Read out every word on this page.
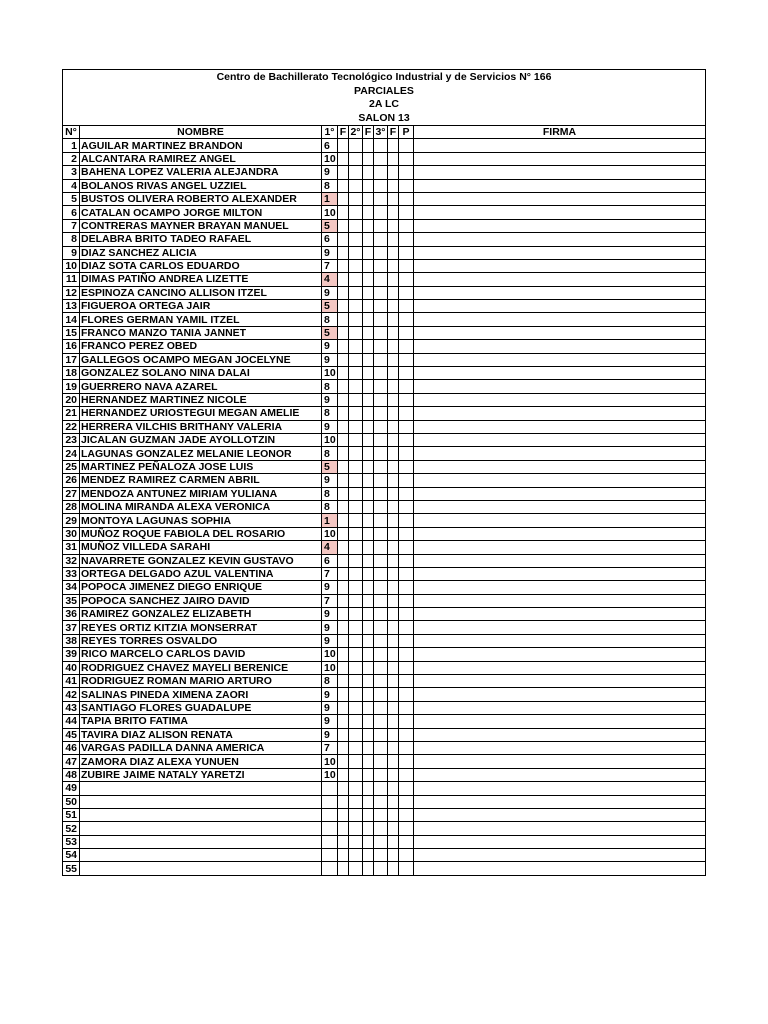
Centro de Bachillerato Tecnológico Industrial y de Servicios N° 166
PARCIALES
2A LC
SALON 13
N°	NOMBRE	1°	F	2°	F	3°	F	P	FIRMA
1	AGUILAR MARTINEZ BRANDON	6							
2	ALCANTARA RAMIREZ ANGEL	10							
3	BAHENA LOPEZ VALERIA ALEJANDRA	9							
4	BOLANOS RIVAS ANGEL UZZIEL	8							
5	BUSTOS OLIVERA ROBERTO ALEXANDER	1							
6	CATALAN OCAMPO JORGE MILTON	10							
7	CONTRERAS MAYNER BRAYAN MANUEL	5							
8	DELABRA BRITO TADEO RAFAEL	6							
9	DIAZ SANCHEZ ALICIA	9							
10	DIAZ SOTA CARLOS EDUARDO	7							
11	DIMAS PATIÑO ANDREA LIZETTE	4							
12	ESPINOZA CANCINO ALLISON ITZEL	9							
13	FIGUEROA ORTEGA JAIR	5							
14	FLORES GERMAN YAMIL ITZEL	8							
15	FRANCO MANZO TANIA JANNET	5							
16	FRANCO PEREZ OBED	9							
17	GALLEGOS OCAMPO MEGAN JOCELYNE	9							
18	GONZALEZ SOLANO NINA DALAI	10							
19	GUERRERO NAVA AZAREL	8							
20	HERNANDEZ MARTINEZ NICOLE	9							
21	HERNANDEZ URIOSTEGUI MEGAN AMELIE	8							
22	HERRERA VILCHIS BRITHANY VALERIA	9							
23	JICALAN GUZMAN JADE AYOLLOTZIN	10							
24	LAGUNAS GONZALEZ MELANIE LEONOR	8							
25	MARTINEZ PEÑALOZA JOSE LUIS	5							
26	MENDEZ RAMIREZ CARMEN ABRIL	9							
27	MENDOZA ANTUNEZ MIRIAM YULIANA	8							
28	MOLINA MIRANDA ALEXA VERONICA	8							
29	MONTOYA LAGUNAS SOPHIA	1							
30	MUÑOZ ROQUE FABIOLA DEL ROSARIO	10							
31	MUÑOZ VILLEDA SARAHI	4							
32	NAVARRETE GONZALEZ KEVIN GUSTAVO	6							
33	ORTEGA DELGADO AZUL VALENTINA	7							
34	POPOCA JIMENEZ DIEGO ENRIQUE	9							
35	POPOCA SANCHEZ JAIRO DAVID	7							
36	RAMIREZ GONZALEZ ELIZABETH	9							
37	REYES ORTIZ KITZIA MONSERRAT	9							
38	REYES TORRES OSVALDO	9							
39	RICO MARCELO CARLOS DAVID	10							
40	RODRIGUEZ CHAVEZ MAYELI BERENICE	10							
41	RODRIGUEZ ROMAN MARIO ARTURO	8							
42	SALINAS PINEDA XIMENA ZAORI	9							
43	SANTIAGO FLORES GUADALUPE	9							
44	TAPIA BRITO FATIMA	9							
45	TAVIRA DIAZ ALISON RENATA	9							
46	VARGAS PADILLA DANNA AMERICA	7							
47	ZAMORA DIAZ ALEXA YUNUEN	10							
48	ZUBIRE JAIME NATALY YARETZI	10							
49									
50									
51									
52									
53									
54									
55									
